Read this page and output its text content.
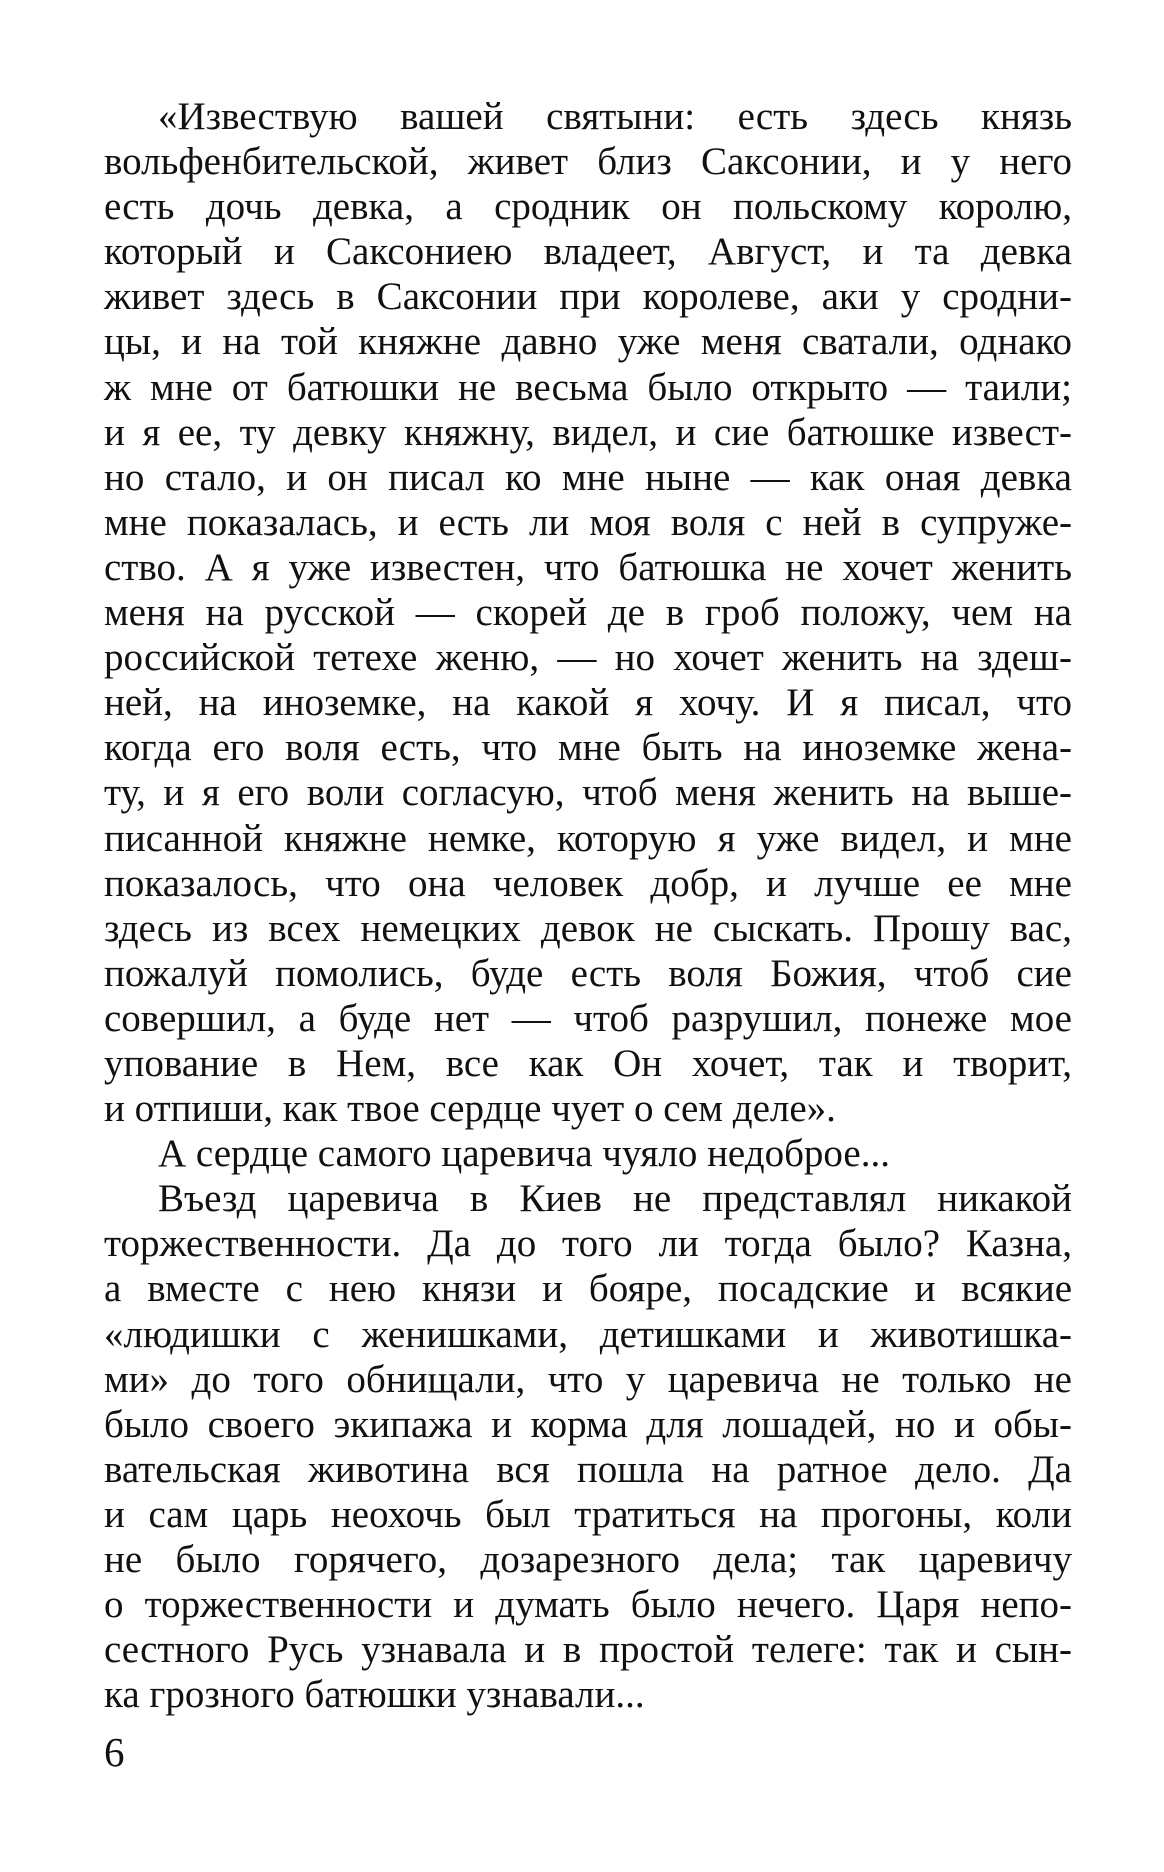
«Извествую вашей святыни: есть здесь князь
вольфенбительской, живет близ Саксонии, и у него
есть дочь девка, а сродник он польскому королю,
который и Саксониею владеет, Август, и та девка
живет здесь в Саксонии при королеве, аки у сродни-
цы, и на той княжне давно уже меня сватали, однако
ж мне от батюшки не весьма было открыто — таили;
и я ее, ту девку княжну, видел, и сие батюшке извест-
но стало, и он писал ко мне ныне — как оная девка
мне показалась, и есть ли моя воля с ней в супруже-
ство. А я уже известен, что батюшка не хочет женить
меня на русской — скорей де в гроб положу, чем на
российской тетехе женю, — но хочет женить на здеш-
ней, на иноземке, на какой я хочу. И я писал, что
когда его воля есть, что мне быть на иноземке жена-
ту, и я его воли согласую, чтоб меня женить на выше-
писанной княжне немке, которую я уже видел, и мне
показалось, что она человек добр, и лучше ее мне
здесь из всех немецких девок не сыскать. Прошу вас,
пожалуй помолись, буде есть воля Божия, чтоб сие
совершил, а буде нет — чтоб разрушил, понеже мое
упование в Нем, все как Он хочет, так и творит,
и отпиши, как твое сердце чует о сем деле».
А сердце самого царевича чуяло недоброе...
Въезд царевича в Киев не представлял никакой
торжественности. Да до того ли тогда было? Казна,
а вместе с нею князи и бояре, посадские и всякие
«людишки с женишками, детишками и животишка-
ми» до того обнищали, что у царевича не только не
было своего экипажа и корма для лошадей, но и обы-
вательская животина вся пошла на ратное дело. Да
и сам царь неохочь был тратиться на прогоны, коли
не было горячего, дозарезного дела; так царевичу
о торжественности и думать было нечего. Царя непо-
сестного Русь узнавала и в простой телеге: так и сын-
ка грозного батюшки узнавали...
6
